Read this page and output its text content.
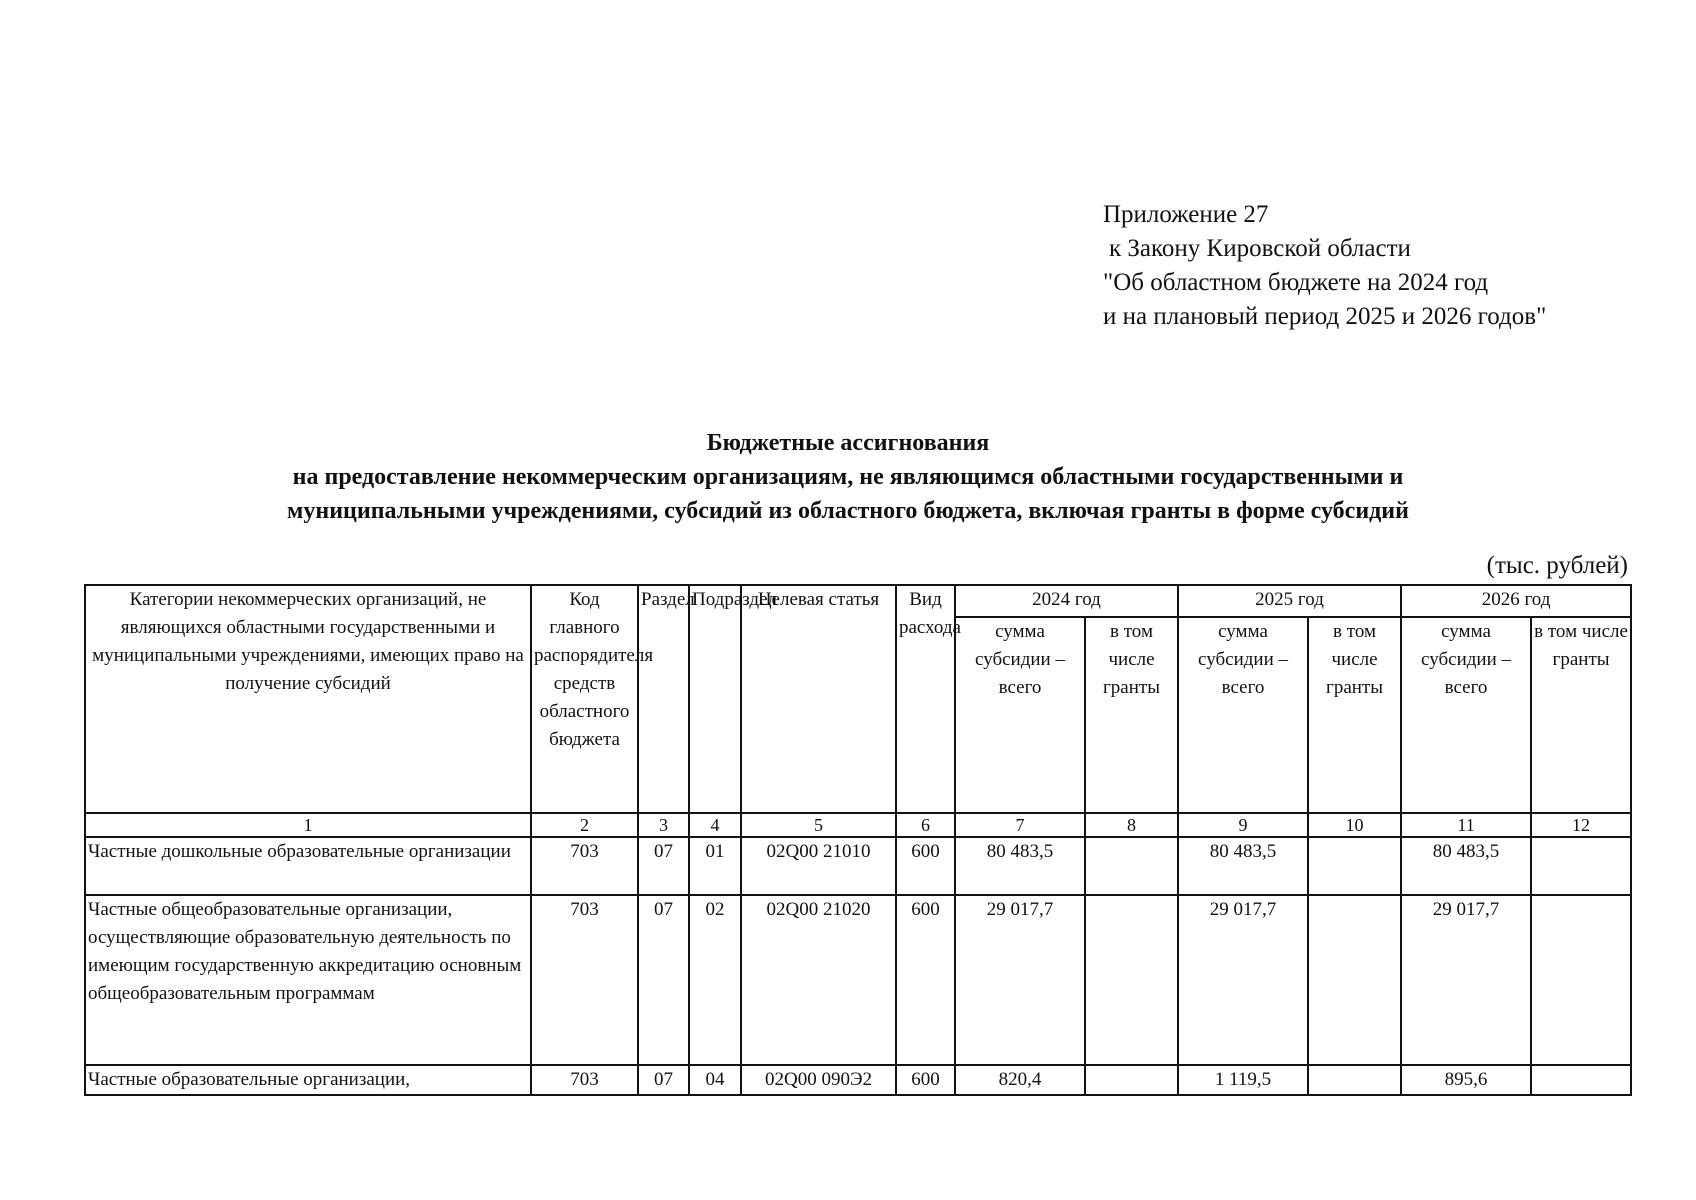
Приложение 27
к Закону Кировской области
"Об областном бюджете на 2024 год
и на плановый период 2025 и 2026 годов"
Бюджетные ассигнования
на предоставление некоммерческим организациям, не являющимся областными государственными и
муниципальными учреждениями, субсидий из областного бюджета, включая гранты в форме субсидий
(тыс. рублей)
Категории некоммерческих организаций, не являющихся областными государственными и муниципальными учреждениями, имеющих право на получение субсидий	Код главного распорядителя средств областного бюджета	Раздел	Подраздел	Целевая статья	Вид расхода	2024 год		2025 год		2026 год	
						сумма субсидии – всего	в том числе гранты	сумма субсидии – всего	в том числе гранты	сумма субсидии – всего	в том числе гранты
1	2	3	4	5	6	7	8	9	10	11	12
Частные дошкольные образовательные организации	703	07	01	02Q00 21010	600	80 483,5		80 483,5		80 483,5	
Частные общеобразовательные организации, осуществляющие образовательную деятельность по имеющим государственную аккредитацию основным общеобразовательным программам	703	07	02	02Q00 21020	600	29 017,7		29 017,7		29 017,7	
Частные образовательные организации,	703	07	04	02Q00 090Э2	600	820,4		1 119,5		895,6	
